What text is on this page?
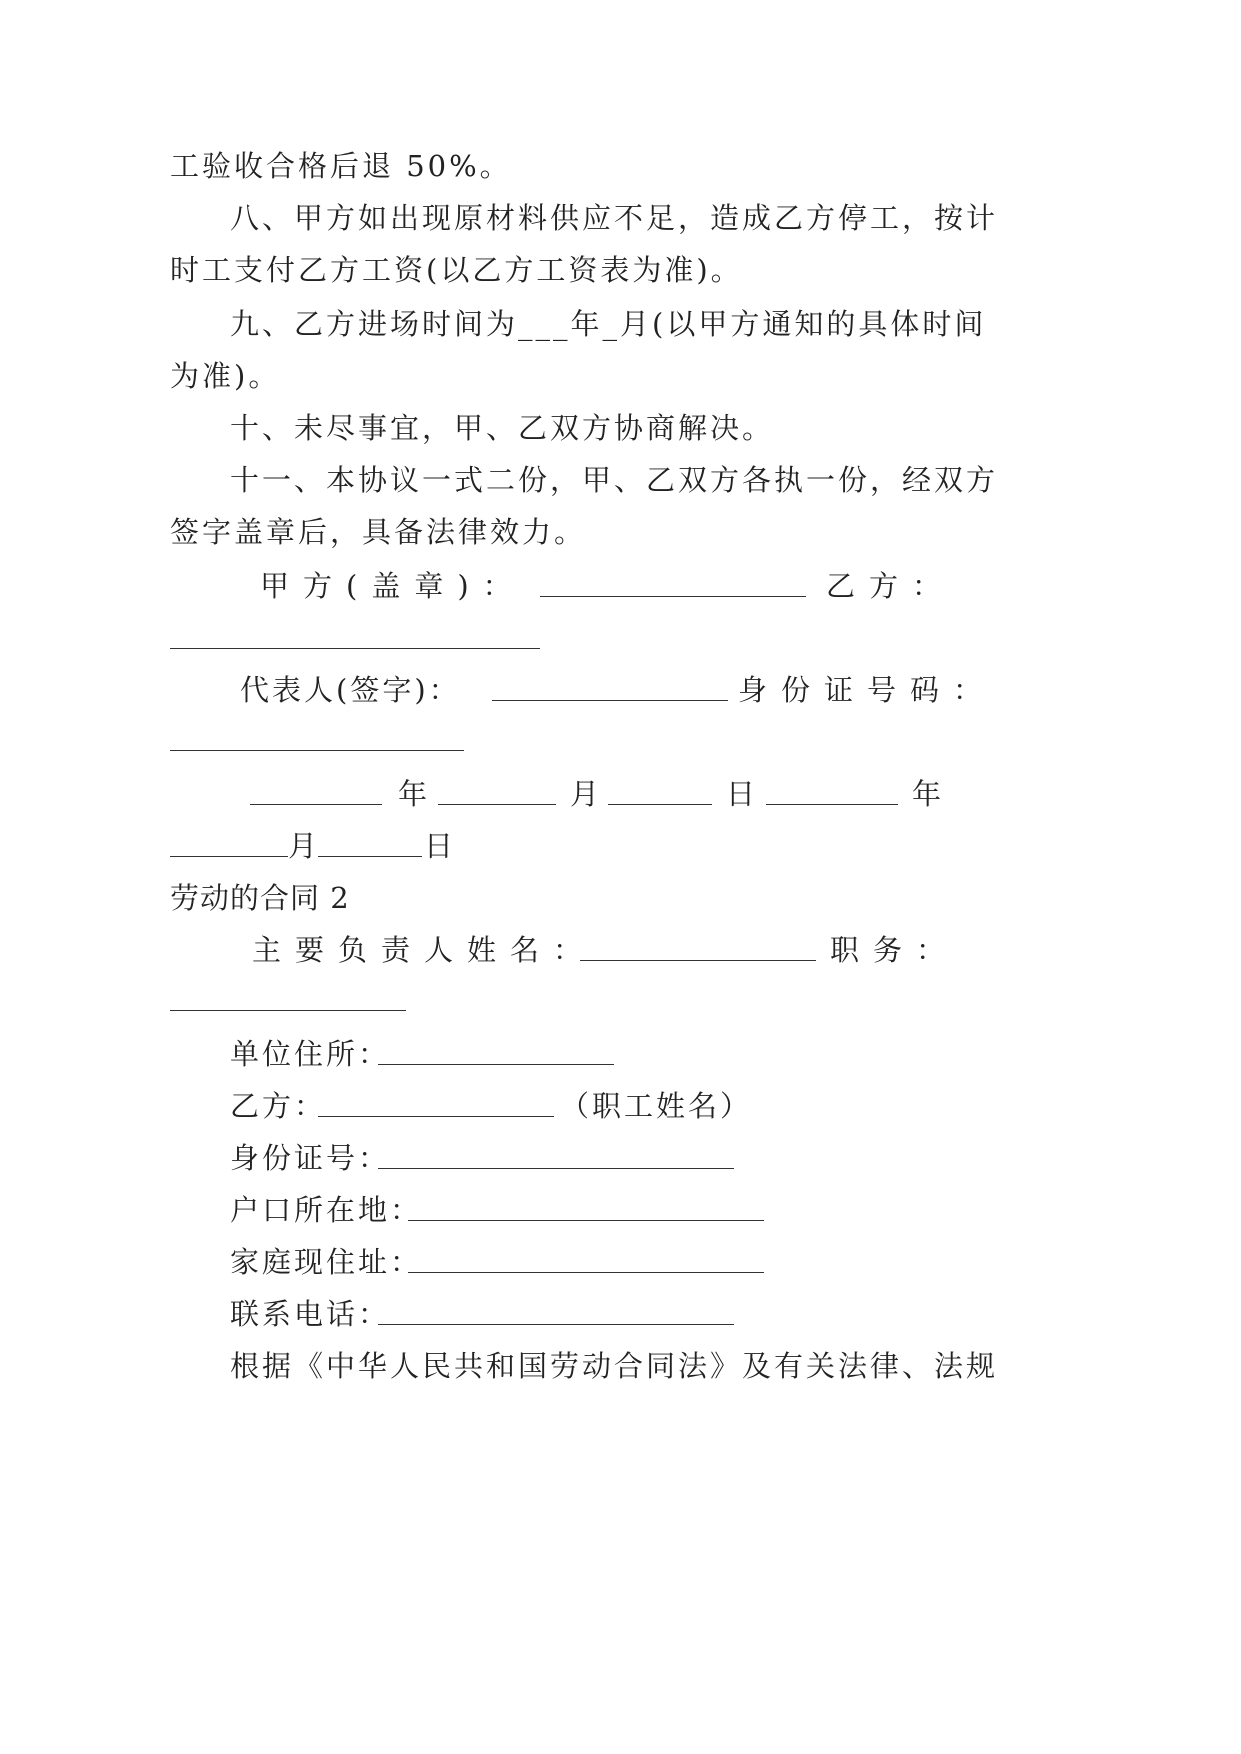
工验收合格后退 50%。
八、甲方如出现原材料供应不足，造成乙方停工，按计
时工支付乙方工资(以乙方工资表为准)。
九、乙方进场时间为___年_月(以甲方通知的具体时间
为准)。
十、未尽事宜，甲、乙双方协商解决。
十一、本协议一式二份，甲、乙双方各执一份，经双方
签字盖章后，具备法律效力。
甲方(盖章)：	乙方：
代表人(签字)：	身份证号码：
年	月	日	年
月	日
劳动的合同 2
主要负责人姓名：	职务：
单位住所：
乙方：	（职工姓名）
身份证号：
户口所在地：
家庭现住址：
联系电话：
根据《中华人民共和国劳动合同法》及有关法律、法规
